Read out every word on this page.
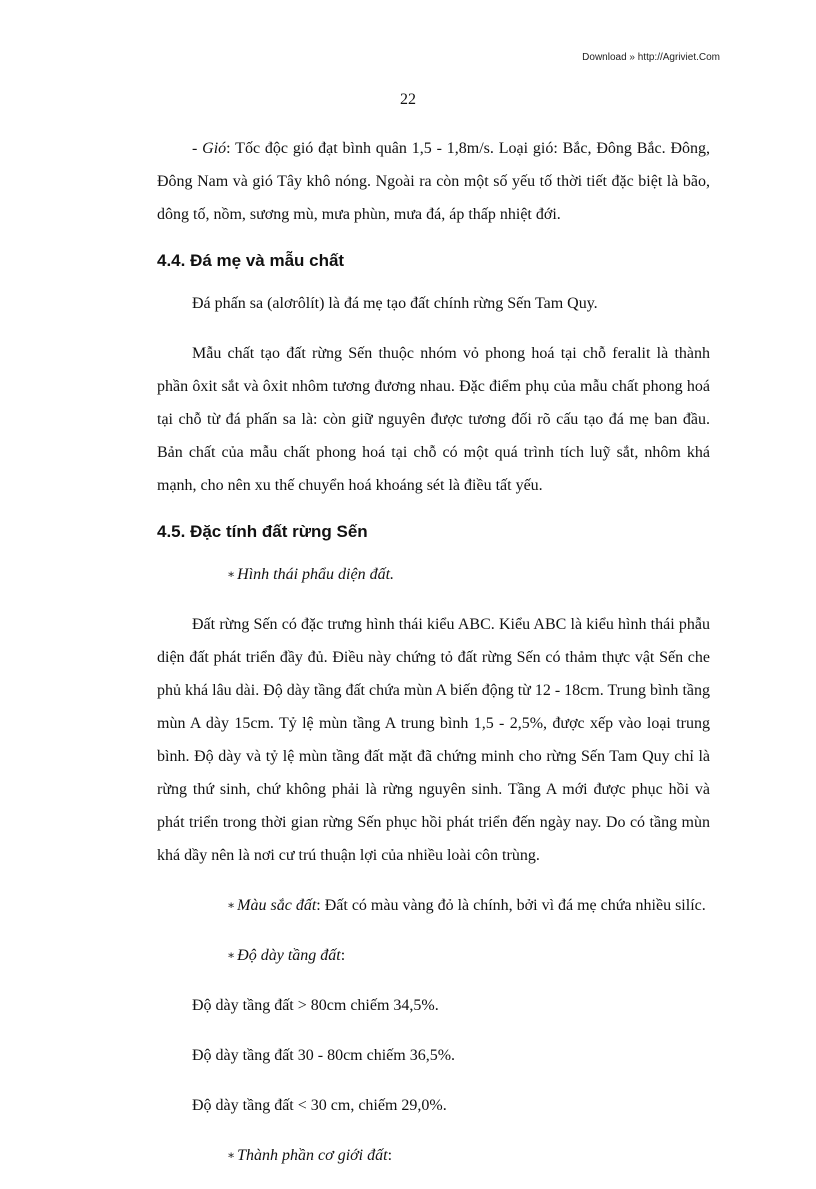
Download » http://Agriviet.Com
22

- Gió: Tốc độc gió đạt bình quân 1,5 - 1,8m/s. Loại gió: Bắc, Đông Bắc. Đông, Đông Nam và gió Tây khô nóng. Ngoài ra còn một số yếu tố thời tiết đặc biệt là bão, dông tố, nồm, sương mù, mưa phùn, mưa đá, áp thấp nhiệt đới.

4.4. Đá mẹ và mẫu chất

Đá phấn sa (alơrôlít) là đá mẹ tạo đất chính rừng Sến Tam Quy.

Mẫu chất tạo đất rừng Sến thuộc nhóm vỏ phong hoá tại chỗ feralit là thành phần ôxit sắt và ôxit nhôm tương đương nhau. Đặc điểm phụ của mẫu chất phong hoá tại chỗ từ đá phấn sa là: còn giữ nguyên được tương đối rõ cấu tạo đá mẹ ban đầu. Bản chất của mẫu chất phong hoá tại chỗ có một quá trình tích luỹ sắt, nhôm khá mạnh, cho nên xu thế chuyển hoá khoáng sét là điều tất yếu.

4.5. Đặc tính đất rừng Sến

∗ Hình thái phẩu diện đất.

Đất rừng Sến có đặc trưng hình thái kiểu ABC. Kiểu ABC là kiểu hình thái phẫu diện đất phát triển đầy đủ. Điều này chứng tỏ đất rừng Sến có thảm thực vật Sến che phủ khá lâu dài. Độ dày tầng đất chứa mùn A biến động từ 12 - 18cm. Trung bình tầng mùn A dày 15cm. Tỷ lệ mùn tầng A trung bình 1,5 - 2,5%, được xếp vào loại trung bình. Độ dày và tỷ lệ mùn tầng đất mặt đã chứng minh cho rừng Sến Tam Quy chỉ là rừng thứ sinh, chứ không phải là rừng nguyên sinh. Tầng A mới được phục hồi và phát triển trong thời gian rừng Sến phục hồi phát triển đến ngày nay. Do có tầng mùn khá dầy nên là nơi cư trú thuận lợi của nhiều loài côn trùng.

∗ Màu sắc đất: Đất có màu vàng đỏ là chính, bởi vì đá mẹ chứa nhiều silíc.

∗ Độ dày tầng đất:

Độ dày tầng đất > 80cm chiếm 34,5%.

Độ dày tầng đất 30 - 80cm chiếm 36,5%.

Độ dày tầng đất < 30 cm, chiếm 29,0%.

∗ Thành phần cơ giới đất:
